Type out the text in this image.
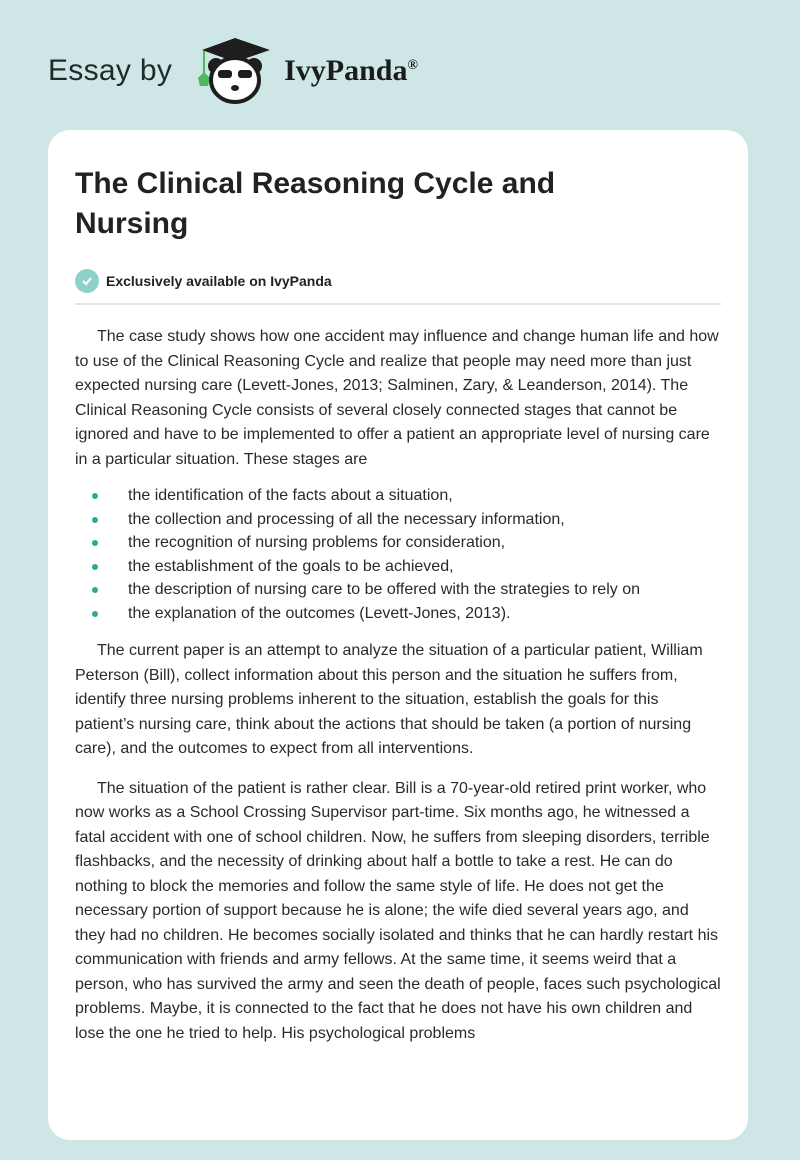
Essay by	IvyPanda®
The Clinical Reasoning Cycle and Nursing
Exclusively available on IvyPanda

The case study shows how one accident may influence and change human life and how to use of the Clinical Reasoning Cycle and realize that people may need more than just expected nursing care (Levett-Jones, 2013; Salminen, Zary, & Leanderson, 2014). The Clinical Reasoning Cycle consists of several closely connected stages that cannot be ignored and have to be implemented to offer a patient an appropriate level of nursing care in a particular situation. These stages are

the identification of the facts about a situation,
the collection and processing of all the necessary information,
the recognition of nursing problems for consideration,
the establishment of the goals to be achieved,
the description of nursing care to be offered with the strategies to rely on
the explanation of the outcomes (Levett-Jones, 2013).

The current paper is an attempt to analyze the situation of a particular patient, William Peterson (Bill), collect information about this person and the situation he suffers from, identify three nursing problems inherent to the situation, establish the goals for this patient’s nursing care, think about the actions that should be taken (a portion of nursing care), and the outcomes to expect from all interventions.

The situation of the patient is rather clear. Bill is a 70-year-old retired print worker, who now works as a School Crossing Supervisor part-time. Six months ago, he witnessed a fatal accident with one of school children. Now, he suffers from sleeping disorders, terrible flashbacks, and the necessity of drinking about half a bottle to take a rest. He can do nothing to block the memories and follow the same style of life. He does not get the necessary portion of support because he is alone; the wife died several years ago, and they had no children. He becomes socially isolated and thinks that he can hardly restart his communication with friends and army fellows. At the same time, it seems weird that a person, who has survived the army and seen the death of people, faces such psychological problems. Maybe, it is connected to the fact that he does not have his own children and lose the one he tried to help. His psychological problems
